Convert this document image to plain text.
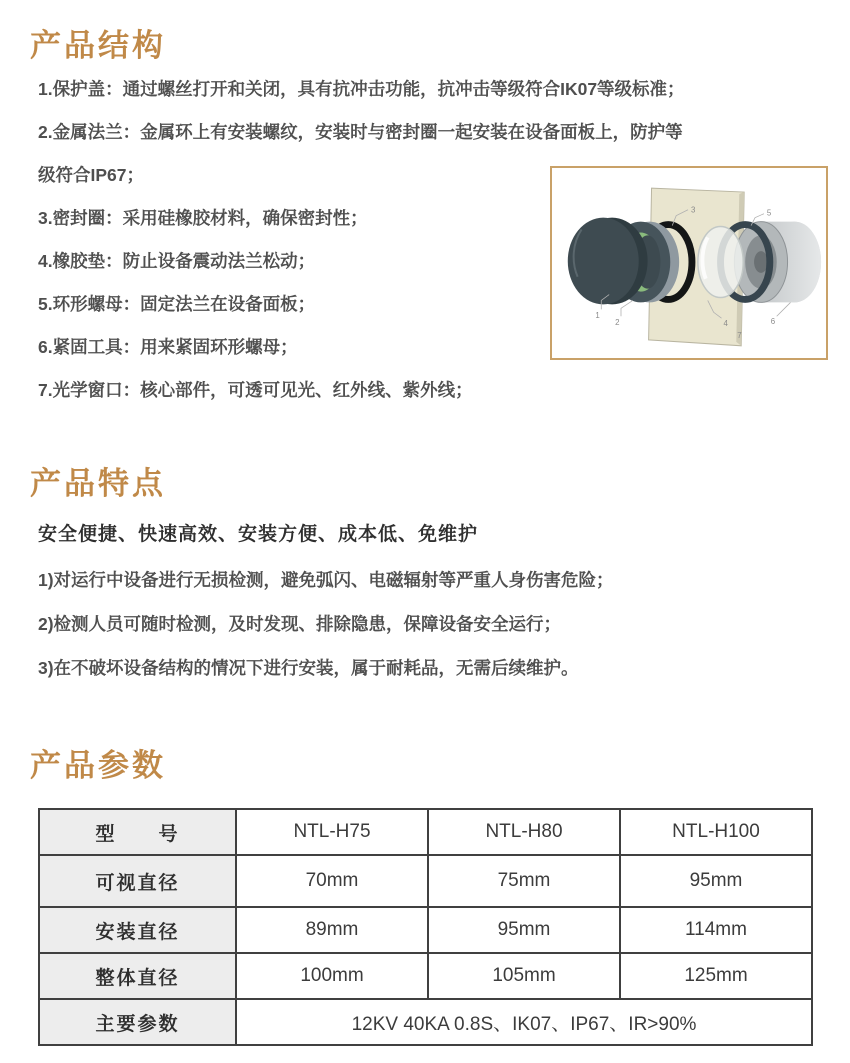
产品结构
1.保护盖：通过螺丝打开和关闭，具有抗冲击功能，抗冲击等级符合IK07等级标准；
2.金属法兰：金属环上有安装螺纹，安装时与密封圈一起安装在设备面板上，防护等
级符合IP67；
3.密封圈：采用硅橡胶材料，确保密封性；
4.橡胶垫：防止设备震动法兰松动；
5.环形螺母：固定法兰在设备面板；
6.紧固工具：用来紧固环形螺母；
7.光学窗口：核心部件，可透可见光、红外线、紫外线；
1
2
3
4
5
6
7
产品特点
安全便捷、快速高效、安装方便、成本低、免维护
1)对运行中设备进行无损检测，避免弧闪、电磁辐射等严重人身伤害危险；
2)检测人员可随时检测，及时发现、排除隐患，保障设备安全运行；
3)在不破坏设备结构的情况下进行安装，属于耐耗品，无需后续维护。
产品参数
型　　号	NTL-H75	NTL-H80	NTL-H100
可视直径	70mm	75mm	95mm
安装直径	89mm	95mm	114mm
整体直径	100mm	105mm	125mm
主要参数	12KV 40KA 0.8S、IK07、IP67、IR>90%		
